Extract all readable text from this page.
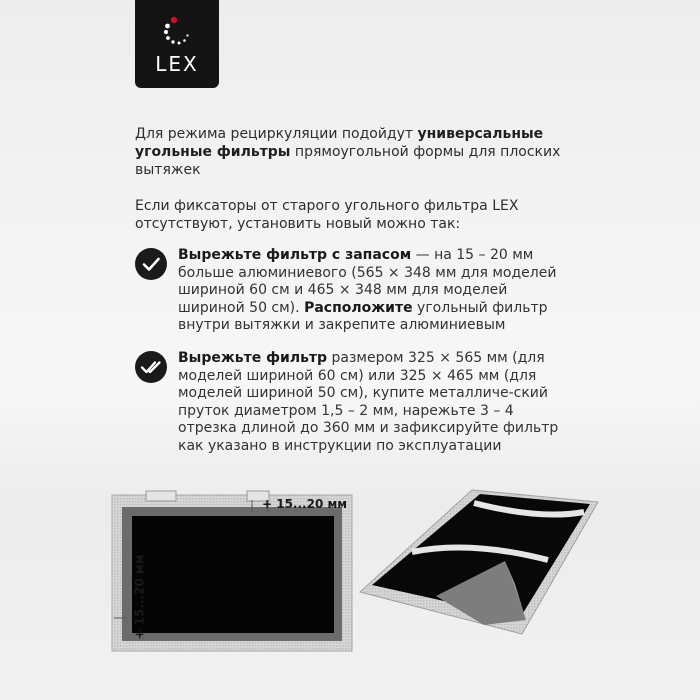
LEX
Для режима рециркуляции подойдут универсальные угольные фильтры прямоугольной формы для плоских вытяжек
Если фиксаторы от старого угольного фильтра LEX отсутствуют, установить новый можно так:
Вырежьте фильтр с запасом — на 15 – 20 мм больше алюминиевого (565 × 348 мм для моделей шириной 60 см и 465 × 348 мм для моделей шириной 50 см). Расположите угольный фильтр внутри вытяжки и закрепите алюминиевым
Вырежьте фильтр размером 325 × 565 мм (для моделей шириной 60 см) или 325 × 465 мм (для моделей шириной 50 см), купите металличе-ский пруток диаметром 1,5 – 2 мм, нарежьте 3 – 4 отрезка длиной до 360 мм и зафиксируйте фильтр как указано в инструкции по эксплуатации
+ 15...20 мм
+ 15...20 мм
